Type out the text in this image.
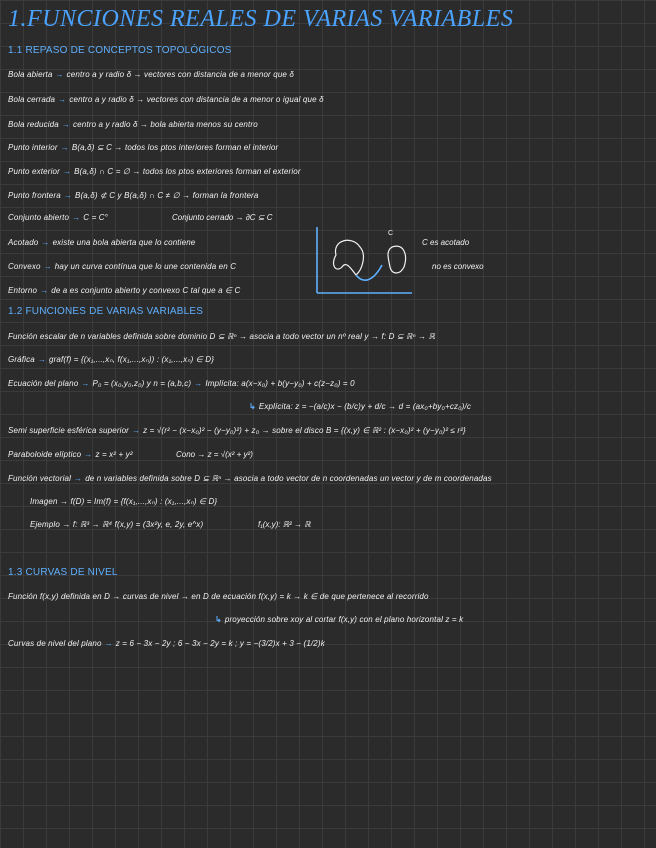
1.FUNCIONES REALES DE VARIAS VARIABLES
1.1 REPASO DE CONCEPTOS TOPOLÓGICOS
Bola abierta → centro a y radio δ → vectores con distancia de a menor que δ
Bola cerrada → centro a y radio δ → vectores con distancia de a menor o igual que δ
Bola reducida → centro a y radio δ → bola abierta menos su centro
Punto interior → B(a,δ) ⊆ C → todos los ptos interiores forman el interior
Punto exterior → B(a,δ) ∩ C = ∅ → todos los ptos exteriores forman el exterior
Punto frontera → B(a,δ) ⊄ C y B(a,δ) ∩ C ≠ ∅ → forman la frontera
Conjunto abierto → C = C°	Conjunto cerrado → ∂C ⊆ C
Acotado → existe una bola abierta que lo contiene
Convexo → hay un curva contínua que lo une contenida en C
Entorno → de a es conjunto abierto y convexo C tal que a ∈ C
C
C es acotado
no es convexo
1.2 FUNCIONES DE VARIAS VARIABLES
Función escalar de n variables definida sobre dominio D ⊆ ℝⁿ → asocia a todo vector un nº real y → f: D ⊆ ℝⁿ → ℝ
Gráfica → graf(f) = {(x₁,...,xₙ, f(x₁,...,xₙ)) : (x₁,...,xₙ) ∈ D}
Ecuación del plano → P₀ = (x₀,y₀,z₀) y n = (a,b,c) → Implícita: a(x−x₀) + b(y−y₀) + c(z−z₀) = 0
↳ Explícita: z = −(a/c)x − (b/c)y + d/c → d = (ax₀+by₀+cz₀)/c
Semi superficie esférica superior → z = √(r² − (x−x₀)² − (y−y₀)²) + z₀ → sobre el disco B = {(x,y) ∈ ℝ² : (x−x₀)² + (y−y₀)² ≤ r²}
Paraboloide elíptico → z = x² + y²	Cono → z = √(x² + y²)
Función vectorial → de n variables definida sobre D ⊆ ℝⁿ → asocia a todo vector de n coordenadas un vector y de m coordenadas
Imagen → f(D) = Im(f) = {f(x₁,...,xₙ) : (x₁,...,xₙ) ∈ D}
Ejemplo → f: ℝ³ → ℝ⁴ f(x,y) = (3x²y, e, 2y, e^x)	f₁(x,y): ℝ² → ℝ
1.3 CURVAS DE NIVEL
Función f(x,y) definida en D → curvas de nivel → en D de ecuación f(x,y) = k → k ∈ de que pertenece al recorrido
↳ proyección sobre xoy al cortar f(x,y) con el plano horizontal z = k
Curvas de nivel del plano → z = 6 − 3x − 2y ; 6 − 3x − 2y = k ; y = −(3/2)x + 3 − (1/2)k
